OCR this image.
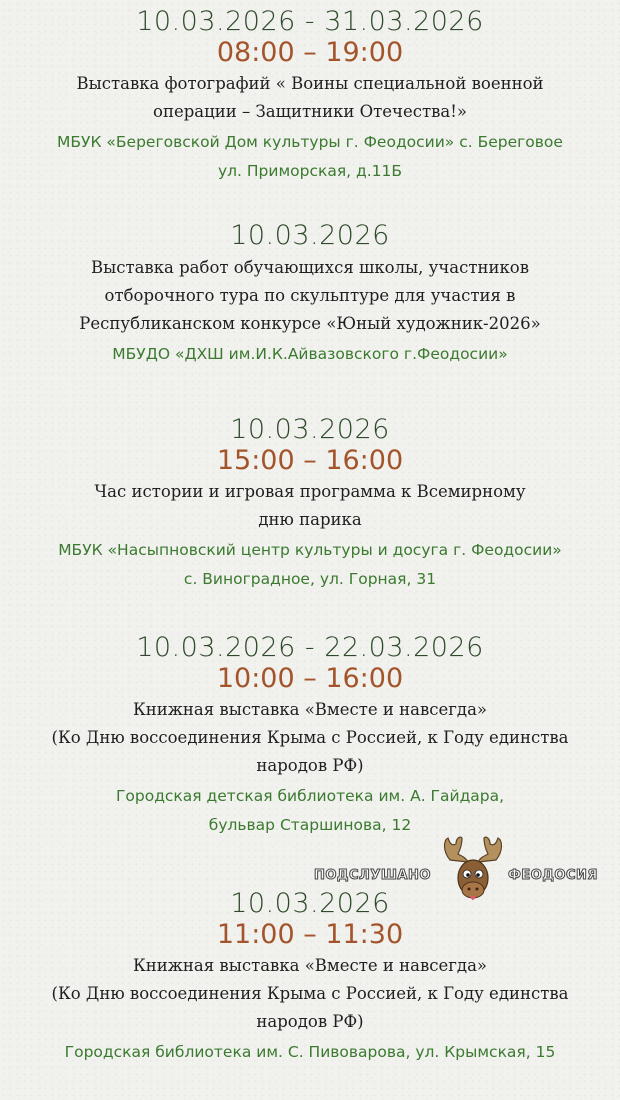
10.03.2026 - 31.03.2026
08:00 – 19:00
Выставка фотографий « Воины специальной военной
операции – Защитники Отечества!»
МБУК «Береговской Дом культуры г. Феодосии» с. Береговое
ул. Приморская, д.11Б
10.03.2026
Выставка работ обучающихся школы, участников
отборочного тура по скульптуре для участия в
Республиканском конкурсе «Юный художник-2026»
МБУДО «ДХШ им.И.К.Айвазовского г.Феодосии»
10.03.2026
15:00 – 16:00
Час истории и игровая программа к Всемирному
дню парика
МБУК «Насыпновский центр культуры и досуга г. Феодосии»
с. Виноградное, ул. Горная, 31
10.03.2026 - 22.03.2026
10:00 – 16:00
Книжная выставка «Вместе и навсегда»
(Ко Дню воссоединения Крыма с Россией, к Году единства
народов РФ)
Городская детская библиотека им. А. Гайдара,
бульвар Старшинова, 12
10.03.2026
11:00 – 11:30
Книжная выставка «Вместе и навсегда»
(Ко Дню воссоединения Крыма с Россией, к Году единства
народов РФ)
Городская библиотека им. С. Пивоварова, ул. Крымская, 15
ПОДСЛУШАНО	ФЕОДОСИЯ
